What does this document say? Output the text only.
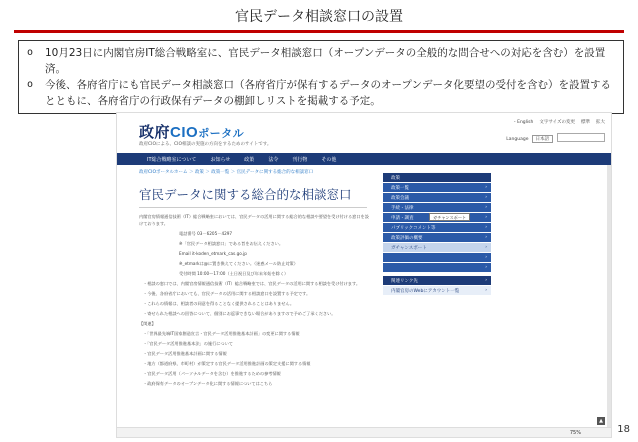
官民データ相談窓口の設置
o	10月23日に内閣官房IT総合戦略室に、官民データ相談窓口（オープンデータの全般的な問合せへの対応を含む）を設置済。
o	今後、各府省庁にも官民データ相談窓口（各府省庁が保有するデータのオープンデータ化要望の受付を含む）を設置するとともに、各府省庁の行政保有データの棚卸しリストを掲載する予定。
政府CIOポータル
政府CIOによる、CIO相談の実施の方向をするためのサイトです。
・English 文字サイズの変更 標準 拡大
Language	日本語
IT総合戦略室について	お知らせ	政策	法令	刊行物	その他
政府CIOポータルホーム ＞ 政策 ＞ 政策一覧 ＞ 官民データに関する総合的な相談窓口
官民データに関する総合的な相談窓口

内閣官房情報通信技術（IT）総合戦略室においては、官民データの活用に関する総合的な相談や要望を受け付ける窓口を設けております。

電話番号 03－6205－4297

※「官民データ相談窓口」である旨をお伝えください。

Email it-koden_etmark_cas.go.jp

※_etmarkは@に置き換えてください。（迷惑メール防止対策）

受付時間 10:00～17:00（土日祝日及び年末年始を除く）

・相談の窓口では、内閣官房情報通信技術（IT）総合戦略室では、官民データの活用に関する相談を受け付けます。

・今後、各府省庁においても、官民データの活用に関する相談窓口を設置する予定です。

・これらの情報は、相談者の同意を得ることなく提供されることはありません。

・寄せられた相談への回答について、個別にお返事できない場合がありますので予めご了承ください。

【関連】

・「世界最先端IT国家創造宣言・官民データ活用推進基本計画」の変更に関する情報

・「官民データ活用推進基本法」の施行について

・官民データ活用推進基本計画に関する情報

・地方（都道府県、市町村）が策定する官民データ活用推進計画の策定支援に関する情報

・官民データ活用（パーソナルデータを含む）を推進するための参考情報

・政府保有データのオープンデータ化に関する情報についてはこちら

政策
政策一覧	›
政策会議	›
手続・法律	›
申請・調査	›
パブリックコメント等	›
政策評価の概要	›
ガチャンスポート	›
›
›
関連リンク先	›
内閣官房のWebにアカウント一覧	›
ガチャンスポート
▲
75%	18
